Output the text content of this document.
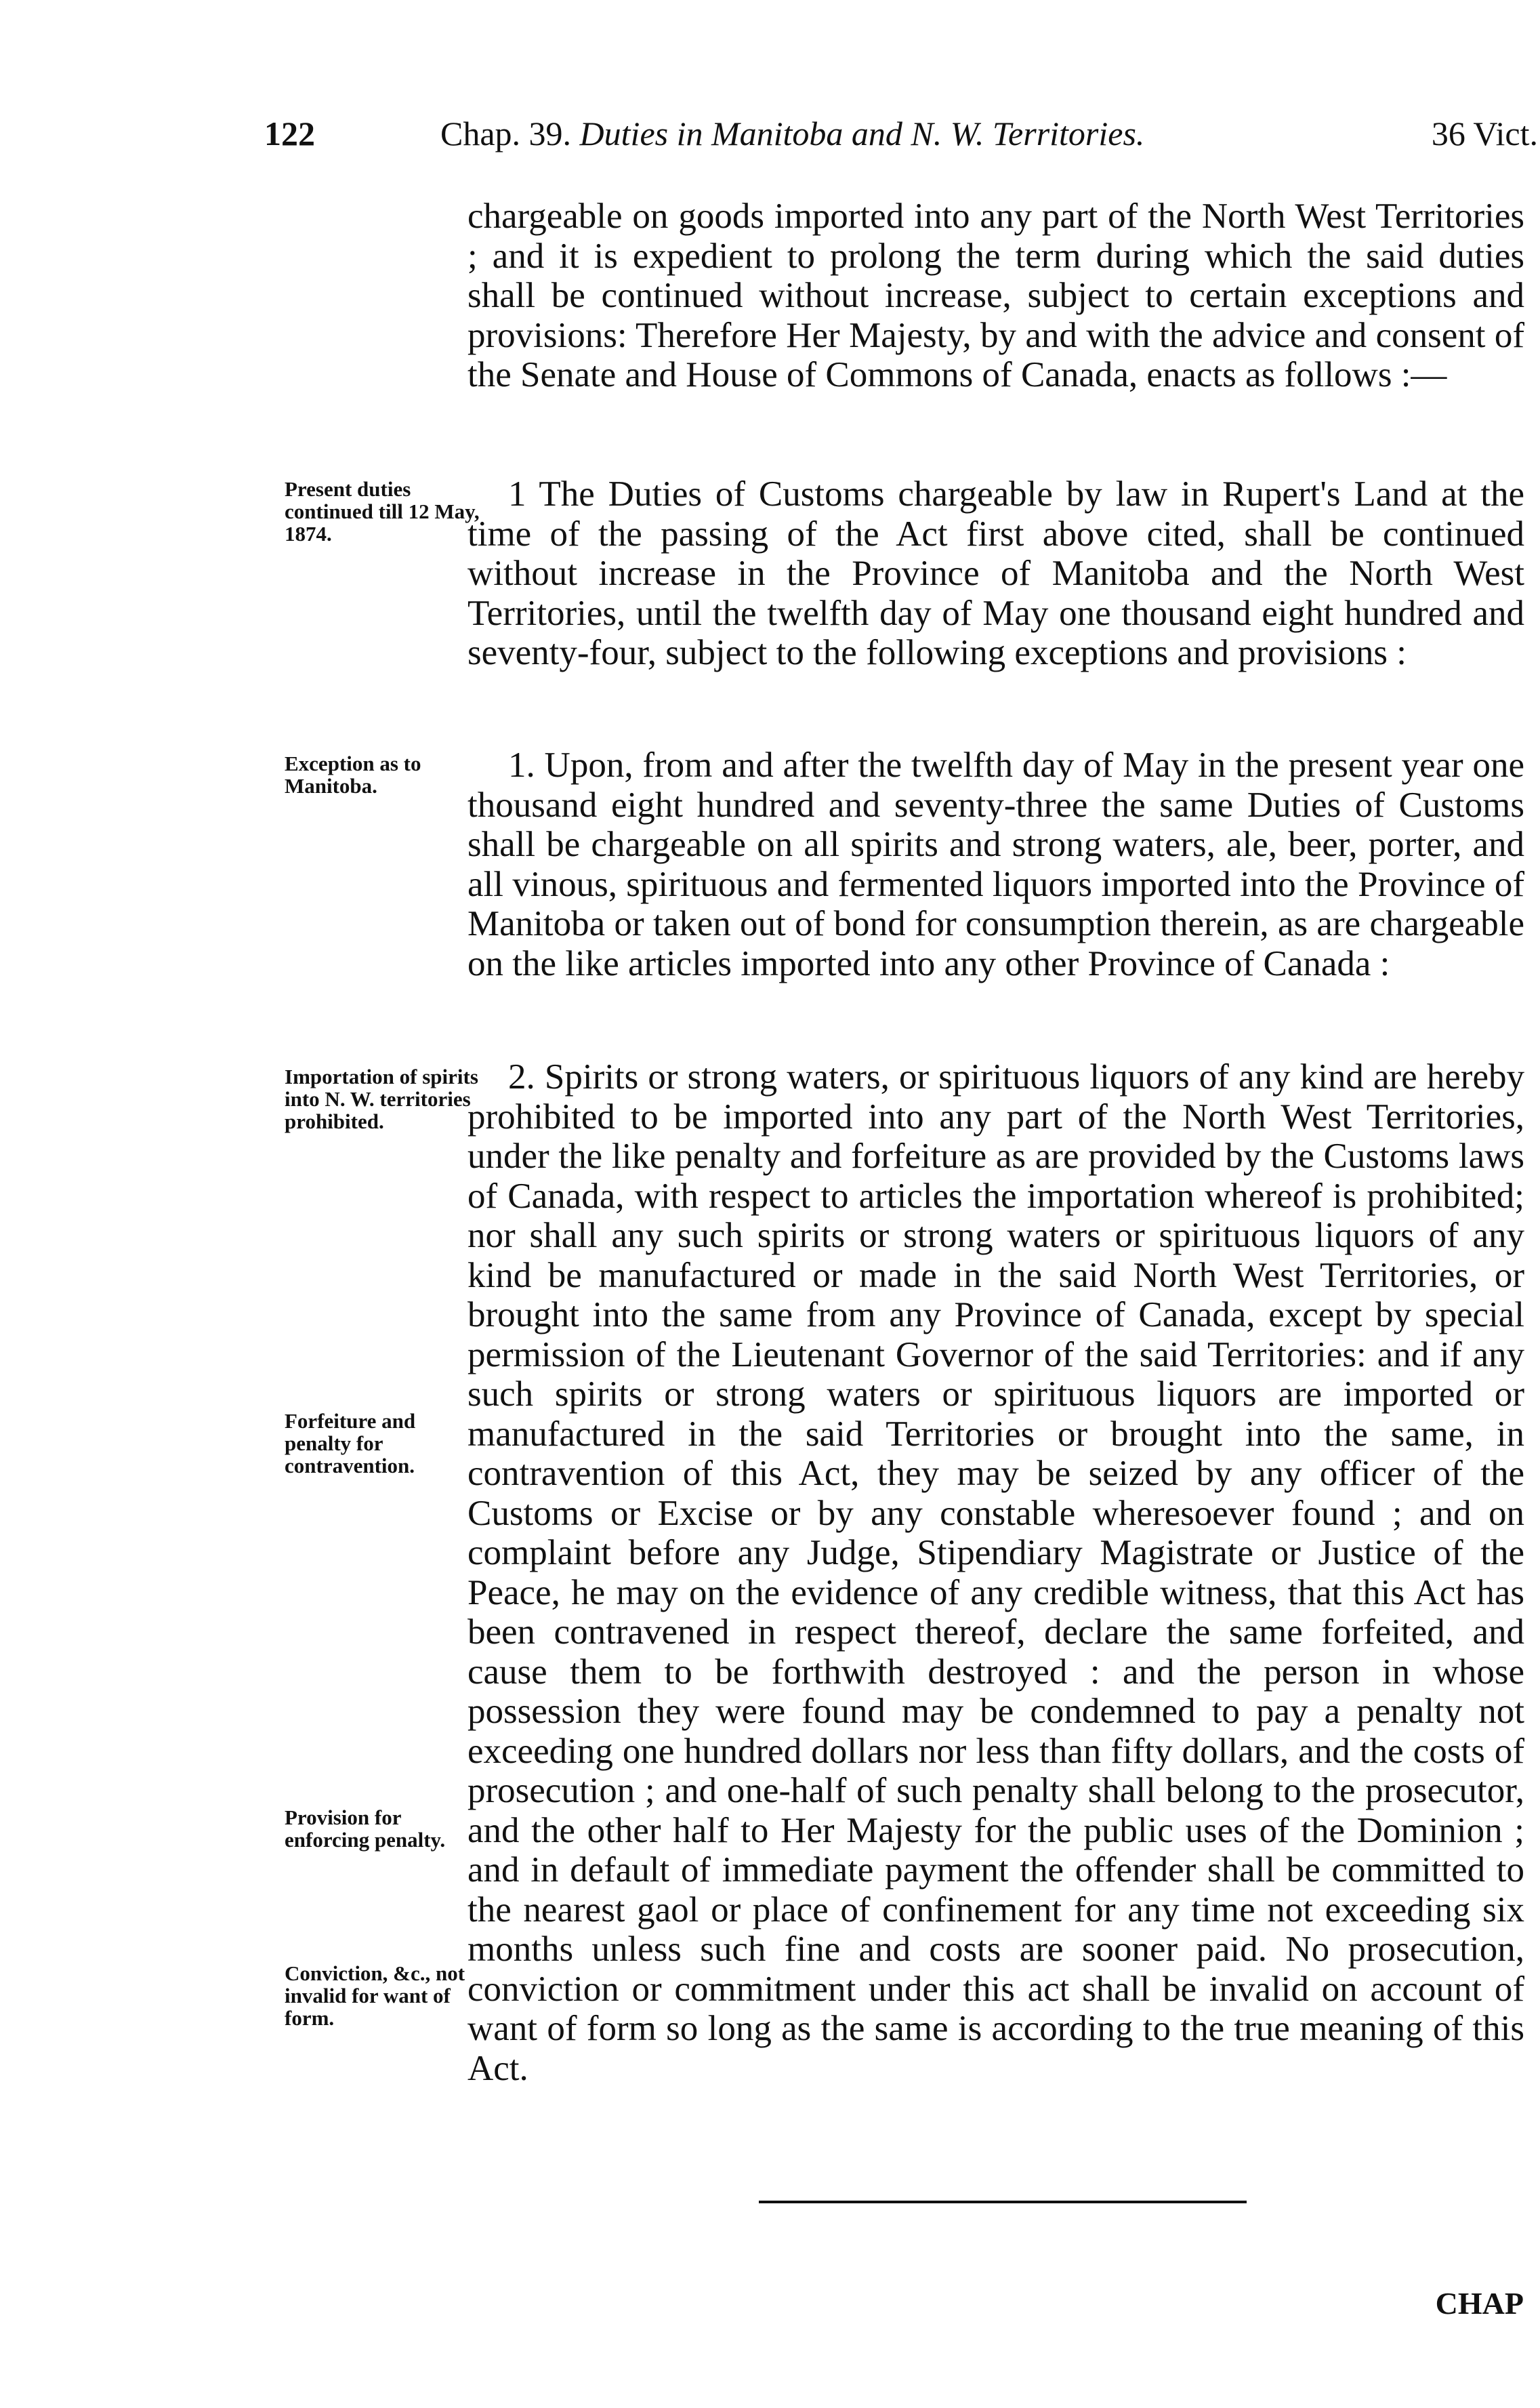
122	Chap. 39. Duties in Manitoba and N. W. Territories.	36 Vict.

chargeable on goods imported into any part of the North West Territories ; and it is expedient to prolong the term during which the said duties shall be continued without increase, subject to certain exceptions and provisions: Therefore Her Majesty, by and with the advice and consent of the Senate and House of Commons of Canada, enacts as follows :—

Present duties continued till 12 May, 1874.

1 The Duties of Customs chargeable by law in Rupert's Land at the time of the passing of the Act first above cited, shall be continued without increase in the Province of Manitoba and the North West Territories, until the twelfth day of May one thousand eight hundred and seventy-four, subject to the following exceptions and provisions :

Exception as to Manitoba.

1. Upon, from and after the twelfth day of May in the present year one thousand eight hundred and seventy-three the same Duties of Customs shall be chargeable on all spirits and strong waters, ale, beer, porter, and all vinous, spirituous and fermented liquors imported into the Province of Manitoba or taken out of bond for consumption therein, as are chargeable on the like articles imported into any other Province of Canada :

Importation of spirits into N. W. territories prohibited.
Forfeiture and penalty for contravention.
Provision for enforcing penalty.
Conviction, &c., not invalid for want of form.

2. Spirits or strong waters, or spirituous liquors of any kind are hereby prohibited to be imported into any part of the North West Territories, under the like penalty and forfeiture as are provided by the Customs laws of Canada, with respect to articles the importation whereof is prohibited; nor shall any such spirits or strong waters or spirituous liquors of any kind be manufactured or made in the said North West Territories, or brought into the same from any Province of Canada, except by special permission of the Lieutenant Governor of the said Territories: and if any such spirits or strong waters or spirituous liquors are imported or manufactured in the said Territories or brought into the same, in contravention of this Act, they may be seized by any officer of the Customs or Excise or by any constable wheresoever found ; and on complaint before any Judge, Stipendiary Magistrate or Justice of the Peace, he may on the evidence of any credible witness, that this Act has been contravened in respect thereof, declare the same forfeited, and cause them to be forthwith destroyed : and the person in whose possession they were found may be condemned to pay a penalty not exceeding one hundred dollars nor less than fifty dollars, and the costs of prosecution ; and one-half of such penalty shall belong to the prosecutor, and the other half to Her Majesty for the public uses of the Dominion ; and in default of immediate payment the offender shall be committed to the nearest gaol or place of confinement for any time not exceeding six months unless such fine and costs are sooner paid. No prosecution, conviction or commitment under this act shall be invalid on account of want of form so long as the same is according to the true meaning of this Act.

CHAP
